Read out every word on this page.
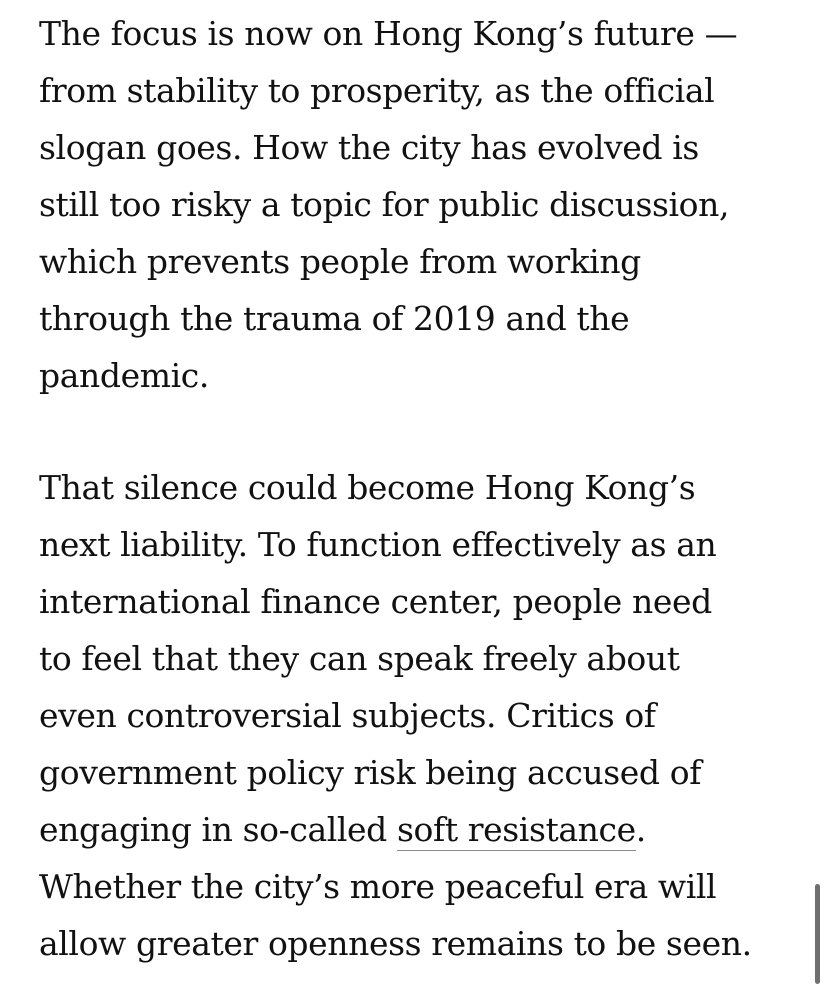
The focus is now on Hong Kong’s future —
from stability to prosperity, as the official
slogan goes. How the city has evolved is
still too risky a topic for public discussion,
which prevents people from working
through the trauma of 2019 and the
pandemic.

That silence could become Hong Kong’s
next liability. To function effectively as an
international finance center, people need
to feel that they can speak freely about
even controversial subjects. Critics of
government policy risk being accused of
engaging in so-called soft resistance.
Whether the city’s more peaceful era will
allow greater openness remains to be seen.
